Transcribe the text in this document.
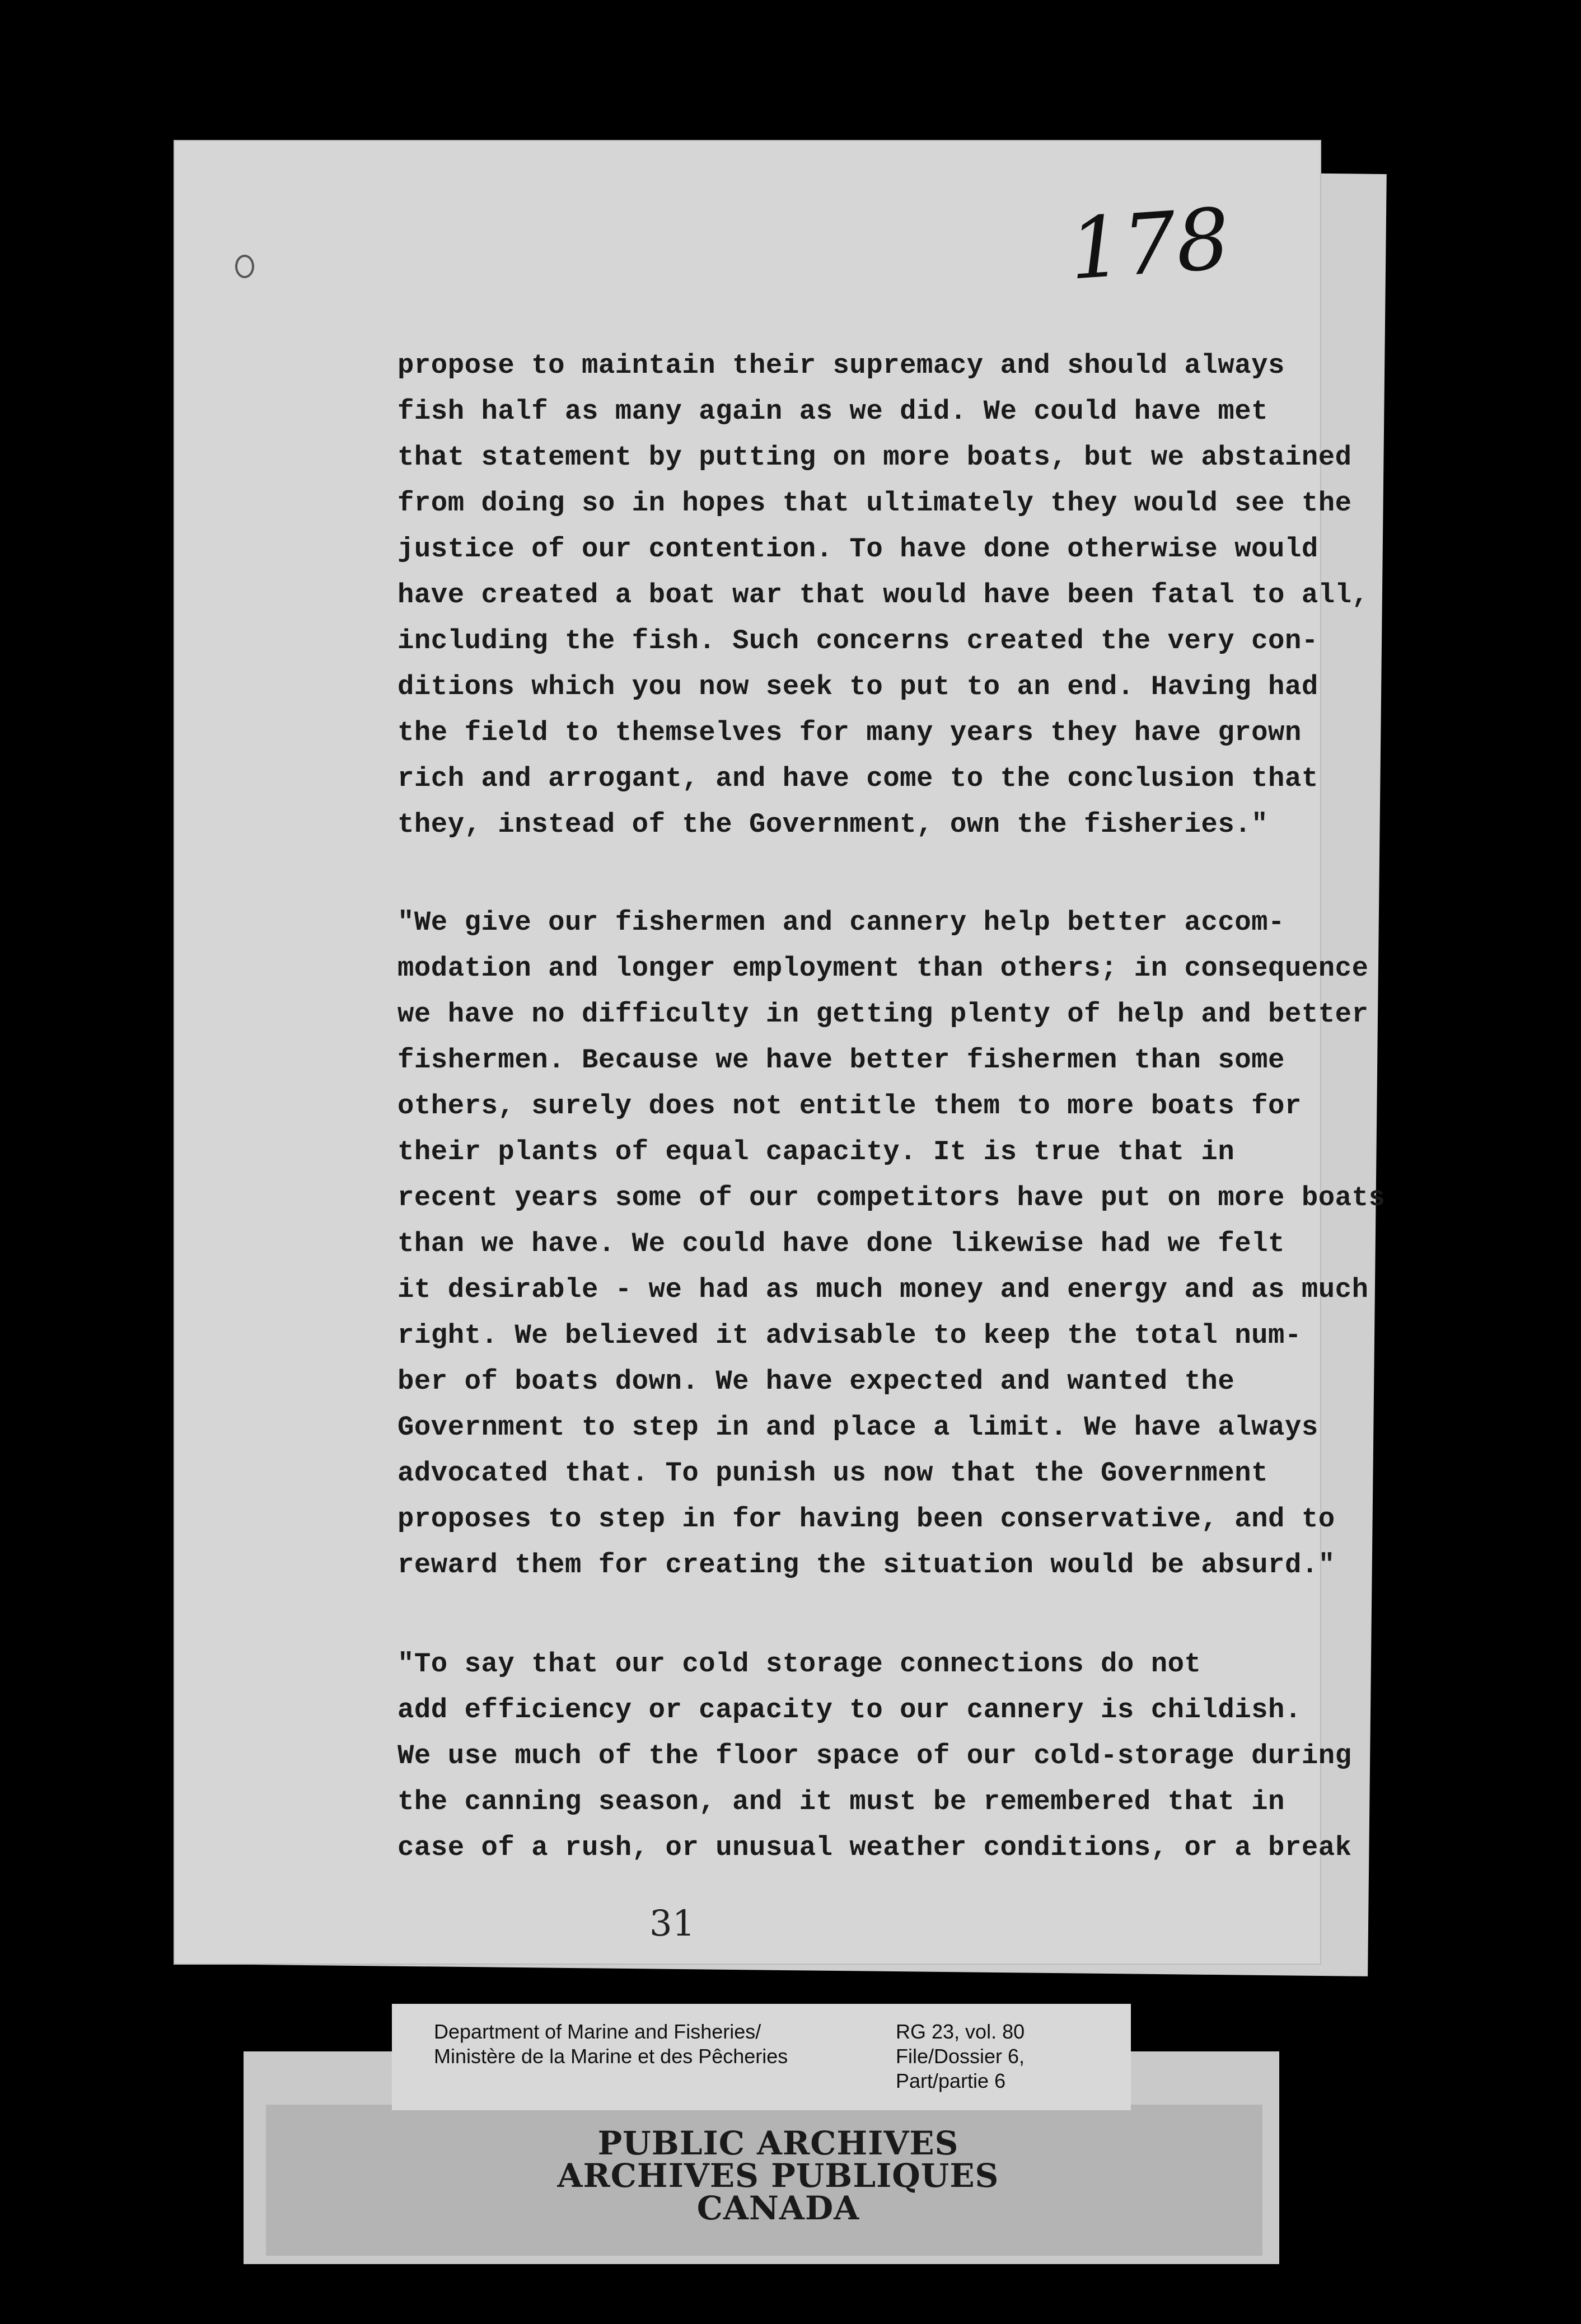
178
propose to maintain their supremacy and should always
fish half as many again as we did. We could have met
that statement by putting on more boats, but we abstained
from doing so in hopes that ultimately they would see the
justice of our contention. To have done otherwise would
have created a boat war that would have been fatal to all,
including the fish. Such concerns created the very con-
ditions which you now seek to put to an end. Having had
the field to themselves for many years they have grown
rich and arrogant, and have come to the conclusion that
they, instead of the Government, own the fisheries."
"We give our fishermen and cannery help better accom-
modation and longer employment than others; in consequence
we have no difficulty in getting plenty of help and better
fishermen. Because we have better fishermen than some
others, surely does not entitle them to more boats for
their plants of equal capacity. It is true that in
recent years some of our competitors have put on more boats
than we have. We could have done likewise had we felt
it desirable - we had as much money and energy and as much
right. We believed it advisable to keep the total num-
ber of boats down. We have expected and wanted the
Government to step in and place a limit. We have always
advocated that. To punish us now that the Government
proposes to step in for having been conservative, and to
reward them for creating the situation would be absurd."
"To say that our cold storage connections do not
add efficiency or capacity to our cannery is childish.
We use much of the floor space of our cold-storage during
the canning season, and it must be remembered that in
case of a rush, or unusual weather conditions, or a break
31
Department of Marine and Fisheries/
Ministère de la Marine et des Pêcheries
RG 23, vol. 80
File/Dossier 6,
Part/partie 6
PUBLIC ARCHIVES
ARCHIVES PUBLIQUES
CANADA
